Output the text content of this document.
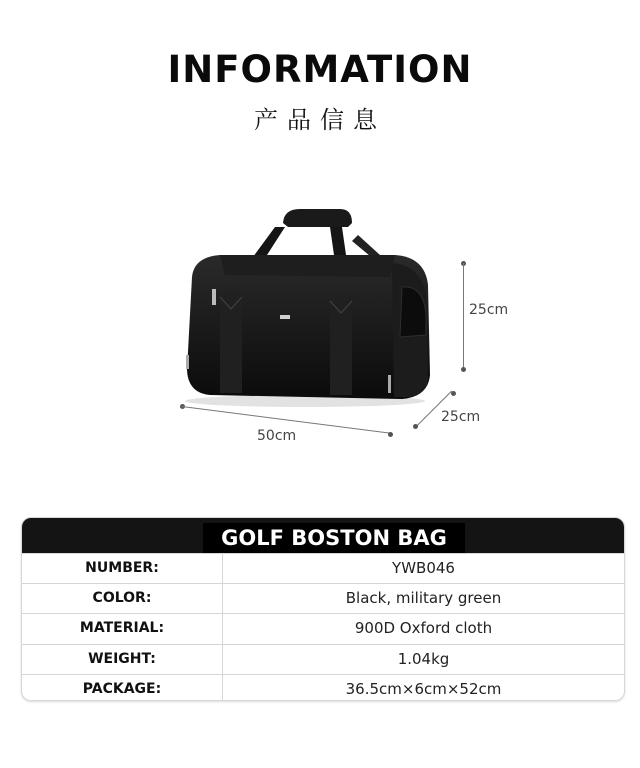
INFORMATION
产品信息
25cm
25cm
50cm
GOLF BOSTON BAG
NUMBER:	YWB046
COLOR:	Black, military green
MATERIAL:	900D Oxford cloth
WEIGHT:	1.04kg
PACKAGE:	36.5cm×6cm×52cm
